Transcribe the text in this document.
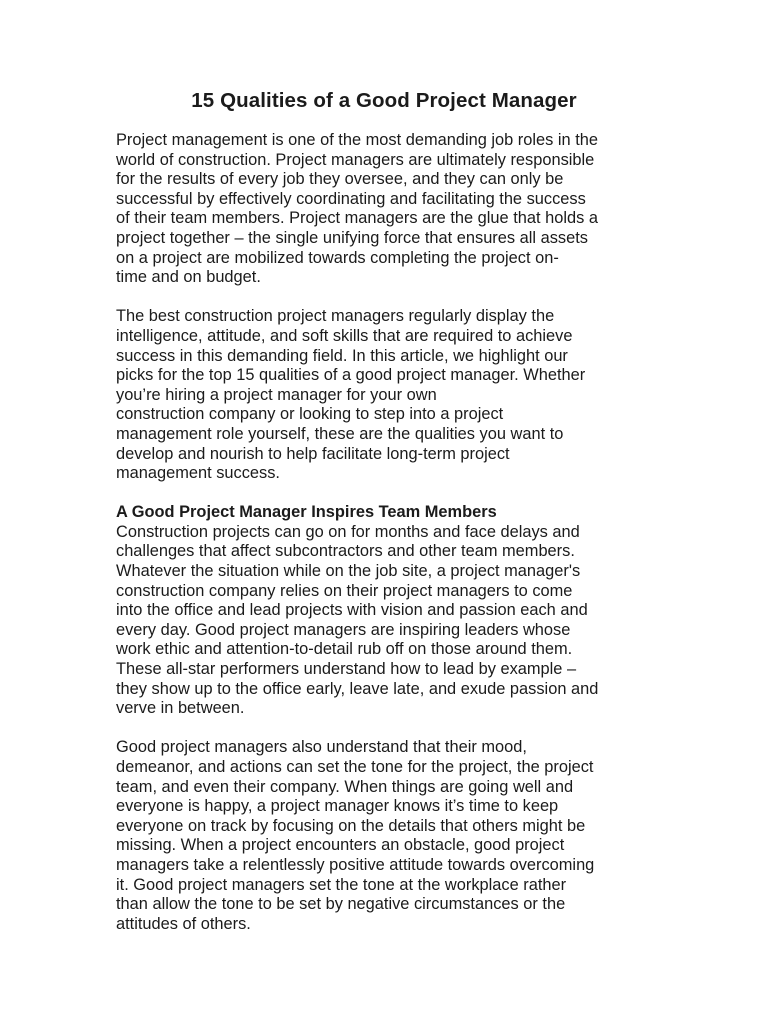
15 Qualities of a Good Project Manager
Project management is one of the most demanding job roles in the
world of construction. Project managers are ultimately responsible
for the results of every job they oversee, and they can only be
successful by effectively coordinating and facilitating the success
of their team members. Project managers are the glue that holds a
project together – the single unifying force that ensures all assets
on a project are mobilized towards completing the project on-
time and on budget.
The best construction project managers regularly display the
intelligence, attitude, and soft skills that are required to achieve
success in this demanding field. In this article, we highlight our
picks for the top 15 qualities of a good project manager. Whether
you’re hiring a project manager for your own
construction company or looking to step into a project
management role yourself, these are the qualities you want to
develop and nourish to help facilitate long-term project
management success.
A Good Project Manager Inspires Team Members
Construction projects can go on for months and face delays and
challenges that affect subcontractors and other team members.
Whatever the situation while on the job site, a project manager's
construction company relies on their project managers to come
into the office and lead projects with vision and passion each and
every day. Good project managers are inspiring leaders whose
work ethic and attention-to-detail rub off on those around them.
These all-star performers understand how to lead by example –
they show up to the office early, leave late, and exude passion and
verve in between.
Good project managers also understand that their mood,
demeanor, and actions can set the tone for the project, the project
team, and even their company. When things are going well and
everyone is happy, a project manager knows it’s time to keep
everyone on track by focusing on the details that others might be
missing. When a project encounters an obstacle, good project
managers take a relentlessly positive attitude towards overcoming
it. Good project managers set the tone at the workplace rather
than allow the tone to be set by negative circumstances or the
attitudes of others.
